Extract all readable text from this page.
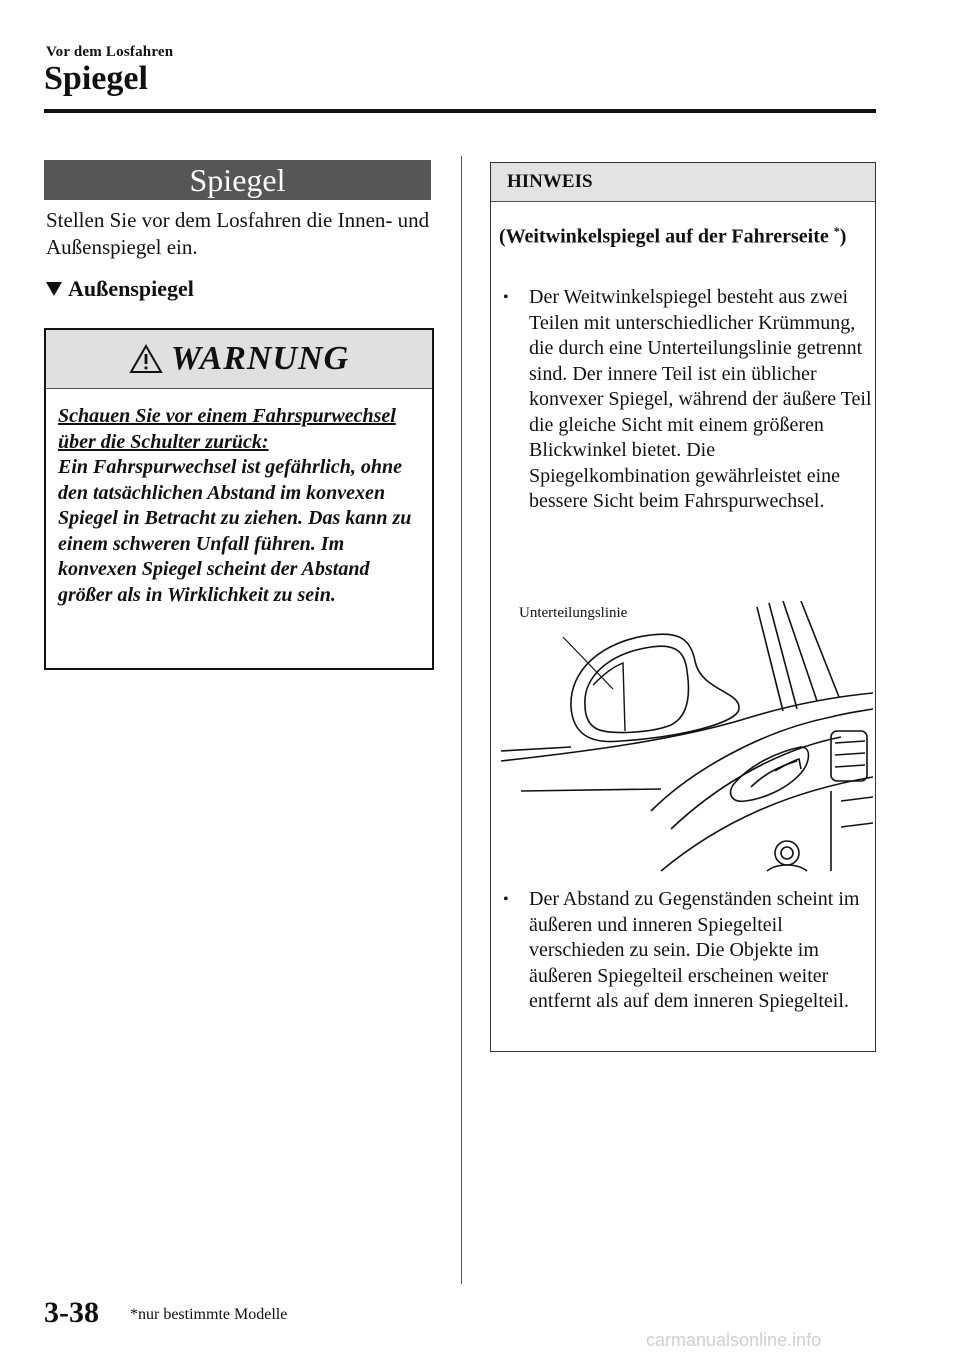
Vor dem Losfahren
Spiegel
Spiegel
Stellen Sie vor dem Losfahren die Innen- und Außenspiegel ein.
Außenspiegel
WARNUNG
Schauen Sie vor einem Fahrspurwechsel über die Schulter zurück:
Ein Fahrspurwechsel ist gefährlich, ohne den tatsächlichen Abstand im konvexen Spiegel in Betracht zu ziehen. Das kann zu einem schweren Unfall führen. Im konvexen Spiegel scheint der Abstand größer als in Wirklichkeit zu sein.
HINWEIS
(Weitwinkelspiegel auf der Fahrerseite *)
• Der Weitwinkelspiegel besteht aus zwei Teilen mit unterschiedlicher Krümmung, die durch eine Unterteilungslinie getrennt sind. Der innere Teil ist ein üblicher konvexer Spiegel, während der äußere Teil die gleiche Sicht mit einem größeren Blickwinkel bietet. Die Spiegelkombination gewährleistet eine bessere Sicht beim Fahrspurwechsel.
Unterteilungslinie
• Der Abstand zu Gegenständen scheint im äußeren und inneren Spiegelteil verschieden zu sein. Die Objekte im äußeren Spiegelteil erscheinen weiter entfernt als auf dem inneren Spiegelteil.
3-38 *nur bestimmte Modelle
carmanualsonline.info
